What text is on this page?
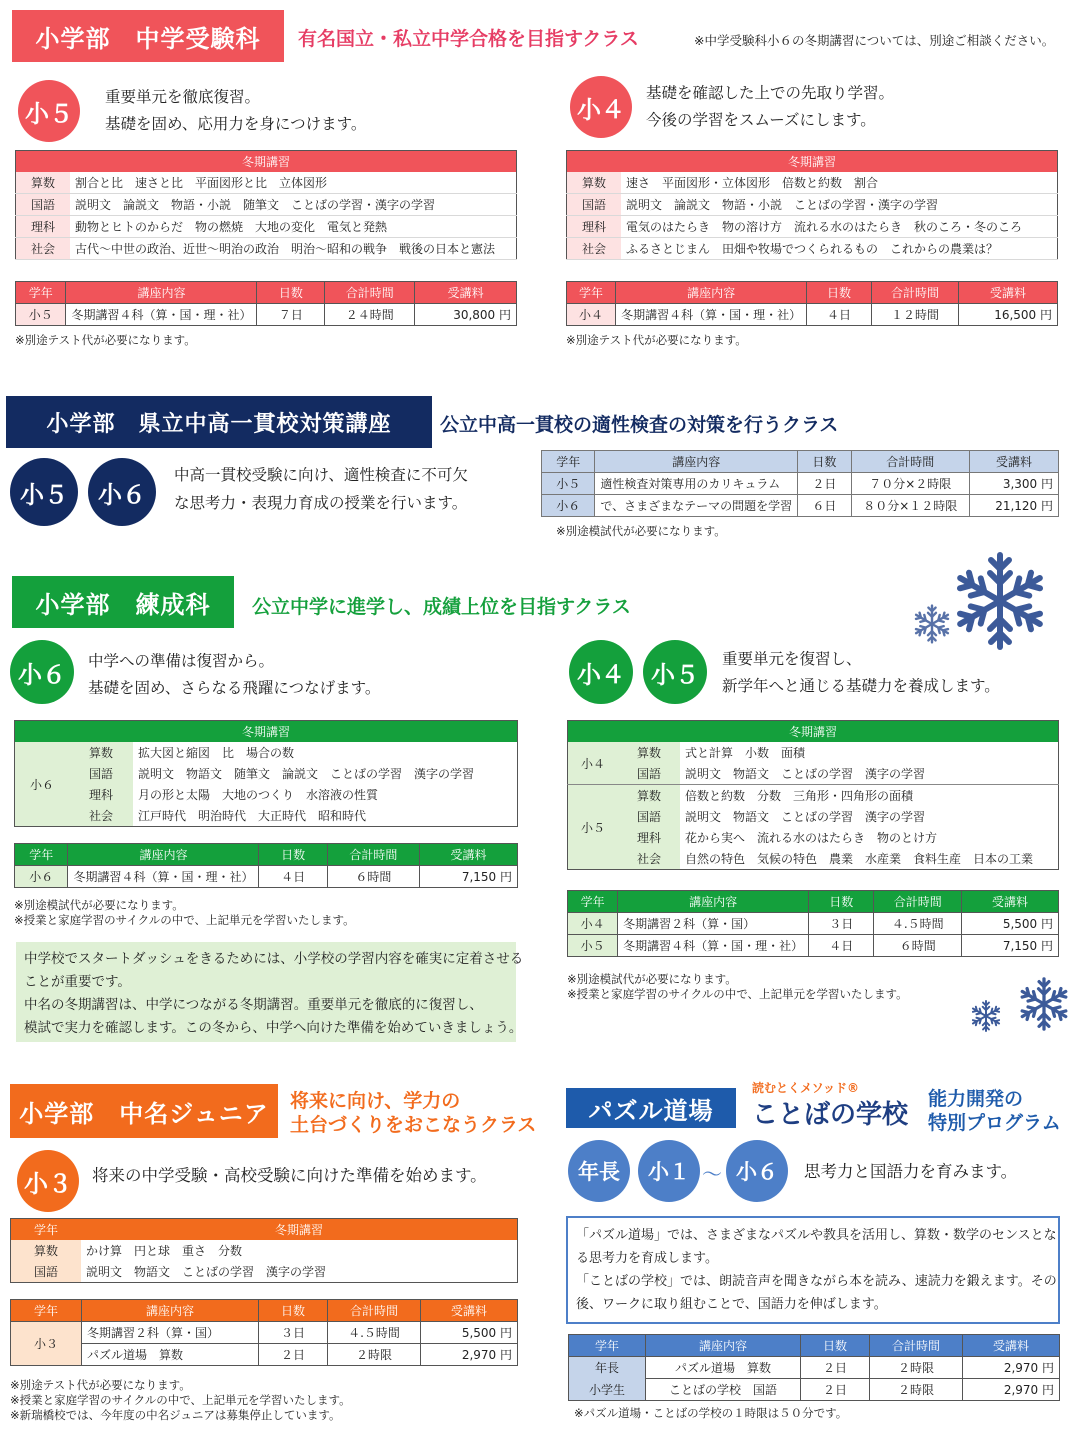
小学部　中学受験科	有名国立・私立中学合格を目指すクラス	※中学受験科小６の冬期講習については、別途ご相談ください。
小５
重要単元を徹底復習。
基礎を固め、応用力を身につけます。
冬期講習	
算数	割合と比　速さと比　平面図形と比　立体図形
国語	説明文　論説文　物語・小説　随筆文　ことばの学習・漢字の学習
理科	動物とヒトのからだ　物の燃焼　大地の変化　電気と発熱
社会	古代～中世の政治、近世～明治の政治　明治～昭和の戦争　戦後の日本と憲法
学年	講座内容	日数	合計時間	受講料
小５	冬期講習４科（算・国・理・社）	７日	２４時間	30,800 円
※別途テスト代が必要になります。
小４
基礎を確認した上での先取り学習。
今後の学習をスムーズにします。
冬期講習	
算数	速さ　平面図形・立体図形　倍数と約数　割合
国語	説明文　論説文　物語・小説　ことばの学習・漢字の学習
理科	電気のはたらき　物の溶け方　流れる水のはたらき　秋のころ・冬のころ
社会	ふるさとじまん　田畑や牧場でつくられるもの　これからの農業は？
学年	講座内容	日数	合計時間	受講料
小４	冬期講習４科（算・国・理・社）	４日	１２時間	16,500 円
※別途テスト代が必要になります。
小学部　県立中高一貫校対策講座	公立中高一貫校の適性検査の対策を行うクラス
小５	小６
中高一貫校受験に向け、適性検査に不可欠
な思考力・表現力育成の授業を行います。
学年	講座内容	日数	合計時間	受講料
小５	適性検査対策専用のカリキュラム	２日	７０分×２時限	3,300 円
小６	で、さまざまなテーマの問題を学習	６日	８０分×１２時限	21,120 円
※別途模試代が必要になります。
小学部　練成科	公立中学に進学し、成績上位を目指すクラス
小６	中学への準備は復習から。
基礎を固め、さらなる飛躍につなげます。
冬期講習		
小６	算数	拡大図と縮図　比　場合の数
	国語	説明文　物語文　随筆文　論説文　ことばの学習　漢字の学習
	理科	月の形と太陽　大地のつくり　水溶液の性質
	社会	江戸時代　明治時代　大正時代　昭和時代
学年	講座内容	日数	合計時間	受講料
小６	冬期講習４科（算・国・理・社）	４日	６時間	7,150 円
※別途模試代が必要になります。
※授業と家庭学習のサイクルの中で、上記単元を学習いたします。
中学校でスタートダッシュをきるためには、小学校の学習内容を確実に定着させる
ことが重要です。
中名の冬期講習は、中学につながる冬期講習。重要単元を徹底的に復習し、
模試で実力を確認します。この冬から、中学へ向けた準備を始めていきましょう。
小４	小５
重要単元を復習し、
新学年へと通じる基礎力を養成します。
冬期講習		
小４	算数	式と計算　小数　面積
	国語	説明文　物語文　ことばの学習　漢字の学習
小５	算数	倍数と約数　分数　三角形・四角形の面積
	国語	説明文　物語文　ことばの学習　漢字の学習
	理科	花から実へ　流れる水のはたらき　物のとけ方
	社会	自然の特色　気候の特色　農業　水産業　食料生産　日本の工業
学年	講座内容	日数	合計時間	受講料
小４	冬期講習２科（算・国）	３日	４.５時間	5,500 円
小５	冬期講習４科（算・国・理・社）	４日	６時間	7,150 円
※別途模試代が必要になります。
※授業と家庭学習のサイクルの中で、上記単元を学習いたします。
小学部　中名ジュニア	将来に向け、学力の
土台づくりをおこなうクラス
小３	将来の中学受験・高校受験に向けた準備を始めます。
学年	冬期講習
算数	かけ算　円と球　重さ　分数
国語	説明文　物語文　ことばの学習　漢字の学習
学年	講座内容	日数	合計時間	受講料
小３	冬期講習２科（算・国）	３日	４.５時間	5,500 円
	パズル道場　算数	２日	２時限	2,970 円
※別途テスト代が必要になります。
※授業と家庭学習のサイクルの中で、上記単元を学習いたします。
※新瑞橋校では、今年度の中名ジュニアは募集停止しています。
パズル道場
読むとくメソッド®
ことばの学校
能力開発の
特別プログラム
年長	小１ ～ 小６	思考力と国語力を育みます。
「パズル道場」では、さまざまなパズルや教具を活用し、算数・数学のセンスとな
る思考力を育成します。
「ことばの学校」では、朗読音声を聞きながら本を読み、速読力を鍛えます。その
後、ワークに取り組むことで、国語力を伸ばします。
学年	講座内容	日数	合計時間	受講料
年長	パズル道場　算数	２日	２時限	2,970 円
小学生	ことばの学校　国語	２日	２時限	2,970 円
※パズル道場・ことばの学校の１時限は５０分です。
